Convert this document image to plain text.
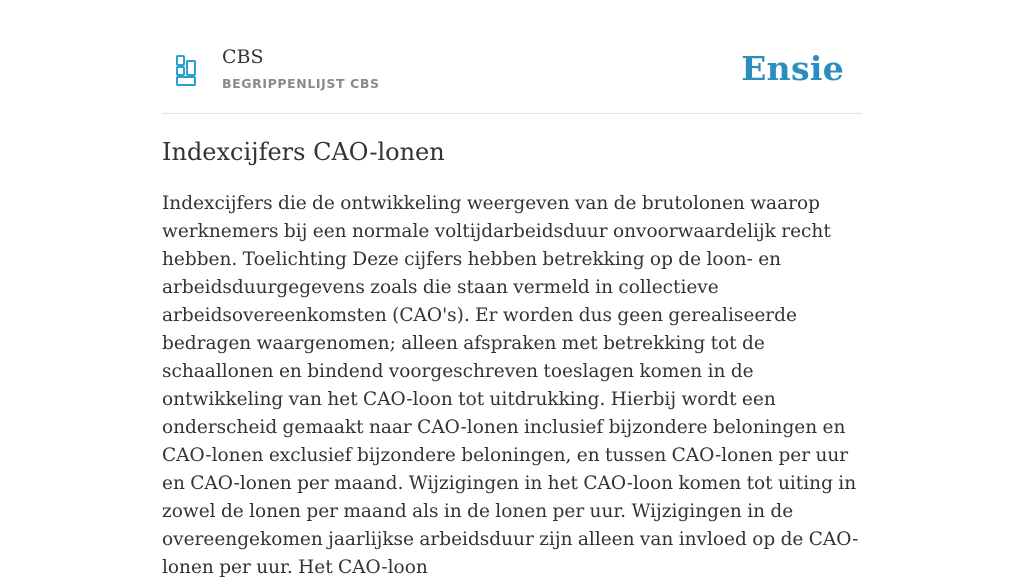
CBS
BEGRIPPENLIJST CBS	Ensie
Indexcijfers CAO-lonen

Indexcijfers die de ontwikkeling weergeven van de brutolonen waarop werknemers bij een normale voltijdarbeidsduur onvoorwaardelijk recht hebben. Toelichting Deze cijfers hebben betrekking op de loon- en arbeidsduurgegevens zoals die staan vermeld in collectieve arbeidsovereenkomsten (CAO's). Er worden dus geen gerealiseerde bedragen waargenomen; alleen afspraken met betrekking tot de schaallonen en bindend voorgeschreven toeslagen komen in de ontwikkeling van het CAO-loon tot uitdrukking. Hierbij wordt een onderscheid gemaakt naar CAO-lonen inclusief bijzondere beloningen en CAO-lonen exclusief bijzondere beloningen, en tussen CAO-lonen per uur en CAO-lonen per maand. Wijzigingen in het CAO-loon komen tot uiting in zowel de lonen per maand als in de lonen per uur. Wijzigingen in de overeengekomen jaarlijkse arbeidsduur zijn alleen van invloed op de CAO-lonen per uur. Het CAO-loon
